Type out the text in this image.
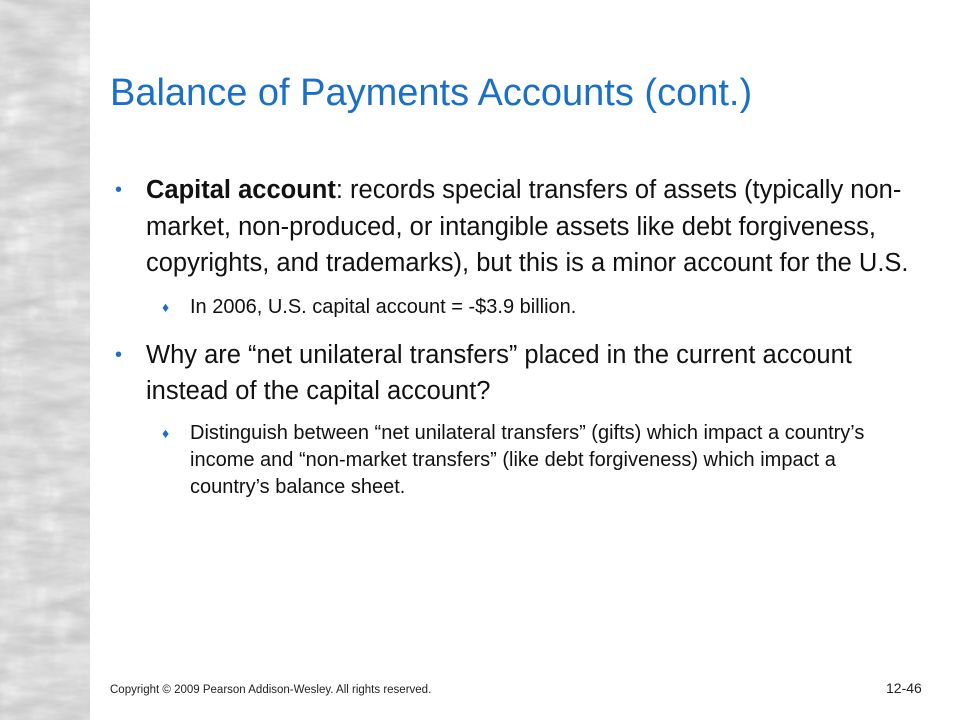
Balance of Payments Accounts (cont.)
• Capital account: records special transfers of assets (typically non-market, non-produced, or intangible assets like debt forgiveness, copyrights, and trademarks), but this is a minor account for the U.S.
♦ In 2006, U.S. capital account = -$3.9 billion.
• Why are “net unilateral transfers” placed in the current account instead of the capital account?
♦ Distinguish between “net unilateral transfers” (gifts) which impact a country’s income and “non-market transfers” (like debt forgiveness) which impact a country’s balance sheet.
Copyright © 2009 Pearson Addison-Wesley. All rights reserved.	12-46
